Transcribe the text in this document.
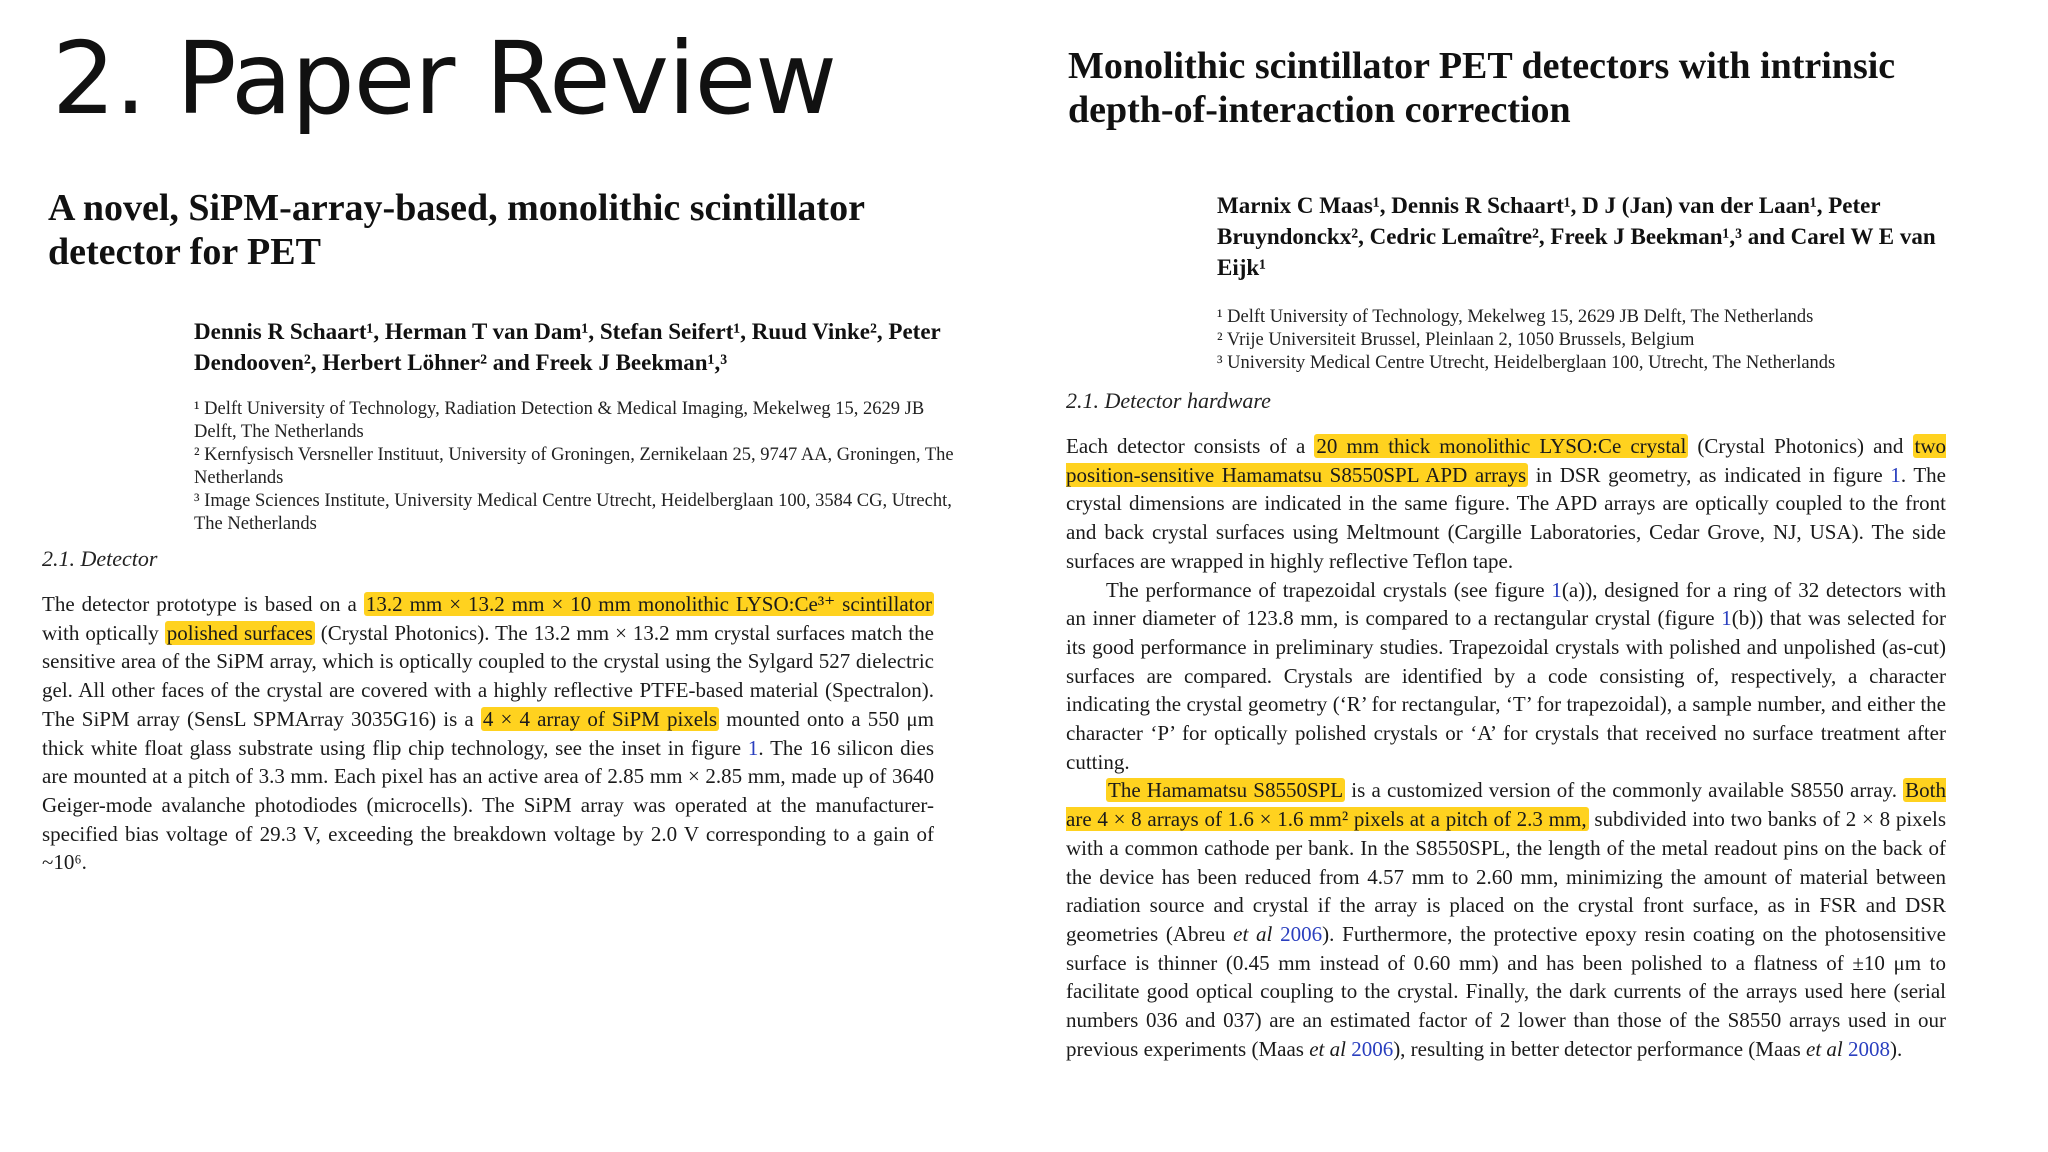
2. Paper Review
A novel, SiPM-array-based, monolithic scintillator detector for PET
Dennis R Schaart¹, Herman T van Dam¹, Stefan Seifert¹, Ruud Vinke², Peter Dendooven², Herbert Löhner² and Freek J Beekman¹,³
¹ Delft University of Technology, Radiation Detection & Medical Imaging, Mekelweg 15, 2629 JB Delft, The Netherlands
² Kernfysisch Versneller Instituut, University of Groningen, Zernikelaan 25, 9747 AA, Groningen, The Netherlands
³ Image Sciences Institute, University Medical Centre Utrecht, Heidelberglaan 100, 3584 CG, Utrecht, The Netherlands
2.1. Detector

The detector prototype is based on a 13.2 mm × 13.2 mm × 10 mm monolithic LYSO:Ce³⁺ scintillator with optically polished surfaces (Crystal Photonics). The 13.2 mm × 13.2 mm crystal surfaces match the sensitive area of the SiPM array, which is optically coupled to the crystal using the Sylgard 527 dielectric gel. All other faces of the crystal are covered with a highly reflective PTFE-based material (Spectralon). The SiPM array (SensL SPMArray 3035G16) is a 4 × 4 array of SiPM pixels mounted onto a 550 μm thick white float glass substrate using flip chip technology, see the inset in figure 1. The 16 silicon dies are mounted at a pitch of 3.3 mm. Each pixel has an active area of 2.85 mm × 2.85 mm, made up of 3640 Geiger-mode avalanche photodiodes (microcells). The SiPM array was operated at the manufacturer-specified bias voltage of 29.3 V, exceeding the breakdown voltage by 2.0 V corresponding to a gain of ~10⁶.

Monolithic scintillator PET detectors with intrinsic depth-of-interaction correction
Marnix C Maas¹, Dennis R Schaart¹, D J (Jan) van der Laan¹, Peter Bruyndonckx², Cedric Lemaître², Freek J Beekman¹,³ and Carel W E van Eijk¹
¹ Delft University of Technology, Mekelweg 15, 2629 JB Delft, The Netherlands
² Vrije Universiteit Brussel, Pleinlaan 2, 1050 Brussels, Belgium
³ University Medical Centre Utrecht, Heidelberglaan 100, Utrecht, The Netherlands
2.1. Detector hardware

Each detector consists of a 20 mm thick monolithic LYSO:Ce crystal (Crystal Photonics) and two position-sensitive Hamamatsu S8550SPL APD arrays in DSR geometry, as indicated in figure 1. The crystal dimensions are indicated in the same figure. The APD arrays are optically coupled to the front and back crystal surfaces using Meltmount (Cargille Laboratories, Cedar Grove, NJ, USA). The side surfaces are wrapped in highly reflective Teflon tape.

The performance of trapezoidal crystals (see figure 1(a)), designed for a ring of 32 detectors with an inner diameter of 123.8 mm, is compared to a rectangular crystal (figure 1(b)) that was selected for its good performance in preliminary studies. Trapezoidal crystals with polished and unpolished (as-cut) surfaces are compared. Crystals are identified by a code consisting of, respectively, a character indicating the crystal geometry (‘R’ for rectangular, ‘T’ for trapezoidal), a sample number, and either the character ‘P’ for optically polished crystals or ‘A’ for crystals that received no surface treatment after cutting.

The Hamamatsu S8550SPL is a customized version of the commonly available S8550 array. Both are 4 × 8 arrays of 1.6 × 1.6 mm² pixels at a pitch of 2.3 mm, subdivided into two banks of 2 × 8 pixels with a common cathode per bank. In the S8550SPL, the length of the metal readout pins on the back of the device has been reduced from 4.57 mm to 2.60 mm, minimizing the amount of material between radiation source and crystal if the array is placed on the crystal front surface, as in FSR and DSR geometries (Abreu et al 2006). Furthermore, the protective epoxy resin coating on the photosensitive surface is thinner (0.45 mm instead of 0.60 mm) and has been polished to a flatness of ±10 μm to facilitate good optical coupling to the crystal. Finally, the dark currents of the arrays used here (serial numbers 036 and 037) are an estimated factor of 2 lower than those of the S8550 arrays used in our previous experiments (Maas et al 2006), resulting in better detector performance (Maas et al 2008).
